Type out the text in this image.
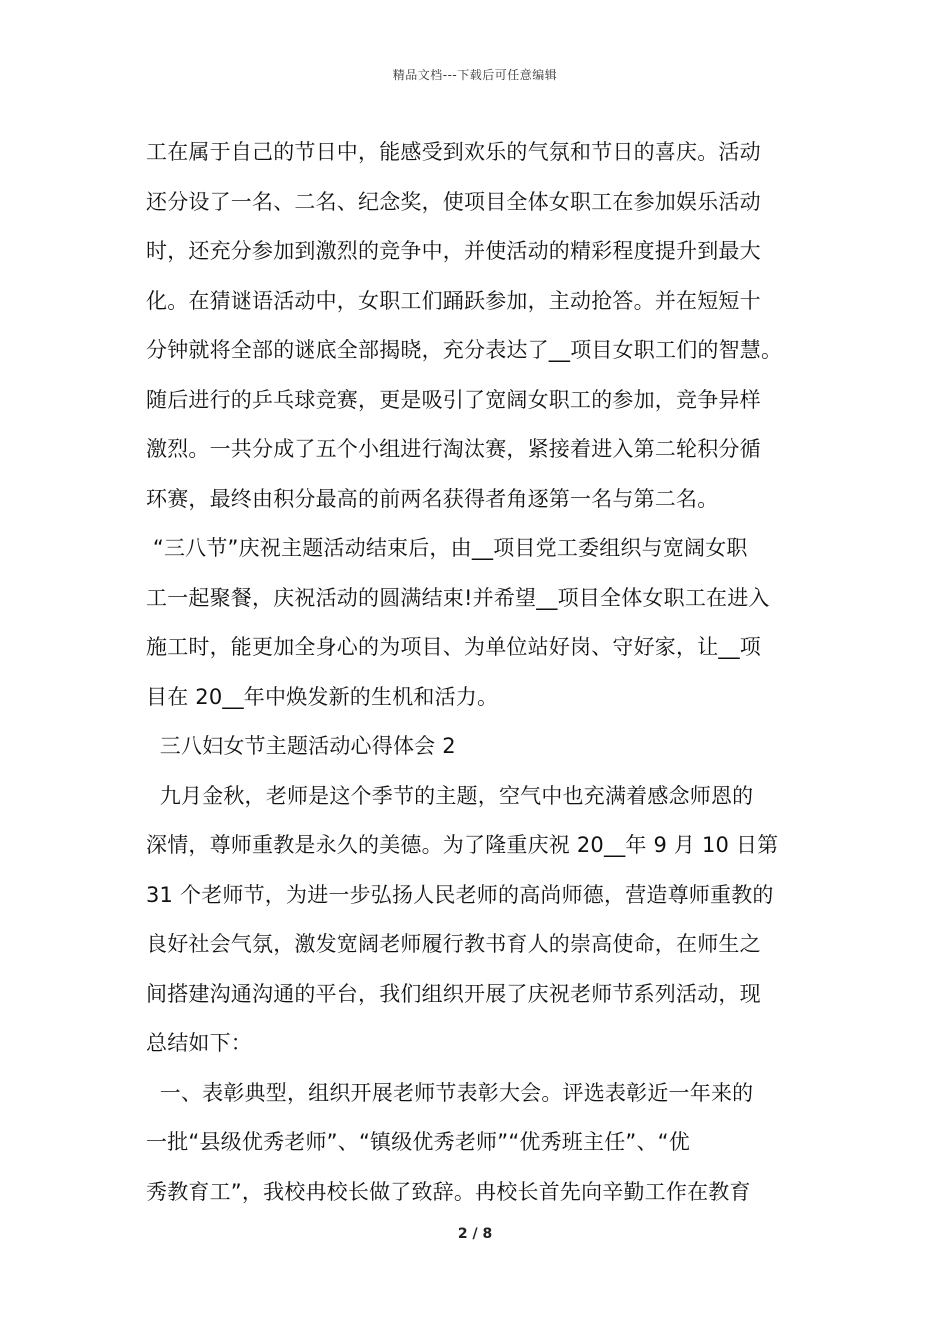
精品文档---下载后可任意编辑
工在属于自己的节日中，能感受到欢乐的气氛和节日的喜庆。活动
还分设了一名、二名、纪念奖，使项目全体女职工在参加娱乐活动
时，还充分参加到激烈的竞争中，并使活动的精彩程度提升到最大
化。在猜谜语活动中，女职工们踊跃参加，主动抢答。并在短短十
分钟就将全部的谜底全部揭晓，充分表达了__项目女职工们的智慧。
随后进行的乒乓球竞赛，更是吸引了宽阔女职工的参加，竞争异样
激烈。一共分成了五个小组进行淘汰赛，紧接着进入第二轮积分循
环赛，最终由积分最高的前两名获得者角逐第一名与第二名。
“三八节”庆祝主题活动结束后，由__项目党工委组织与宽阔女职
工一起聚餐，庆祝活动的圆满结束!并希望__项目全体女职工在进入
施工时，能更加全身心的为项目、为单位站好岗、守好家，让__项
目在 20__年中焕发新的生机和活力。
三八妇女节主题活动心得体会 2
九月金秋，老师是这个季节的主题，空气中也充满着感念师恩的
深情，尊师重教是永久的美德。为了隆重庆祝 20__年 9 月 10 日第
31 个老师节，为进一步弘扬人民老师的高尚师德，营造尊师重教的
良好社会气氛，激发宽阔老师履行教书育人的崇高使命，在师生之
间搭建沟通沟通的平台，我们组织开展了庆祝老师节系列活动，现
总结如下：
一、表彰典型，组织开展老师节表彰大会。评选表彰近一年来的
一批“县级优秀老师”、“镇级优秀老师”“优秀班主任”、“优
秀教育工”，我校冉校长做了致辞。冉校长首先向辛勤工作在教育
2 / 8
